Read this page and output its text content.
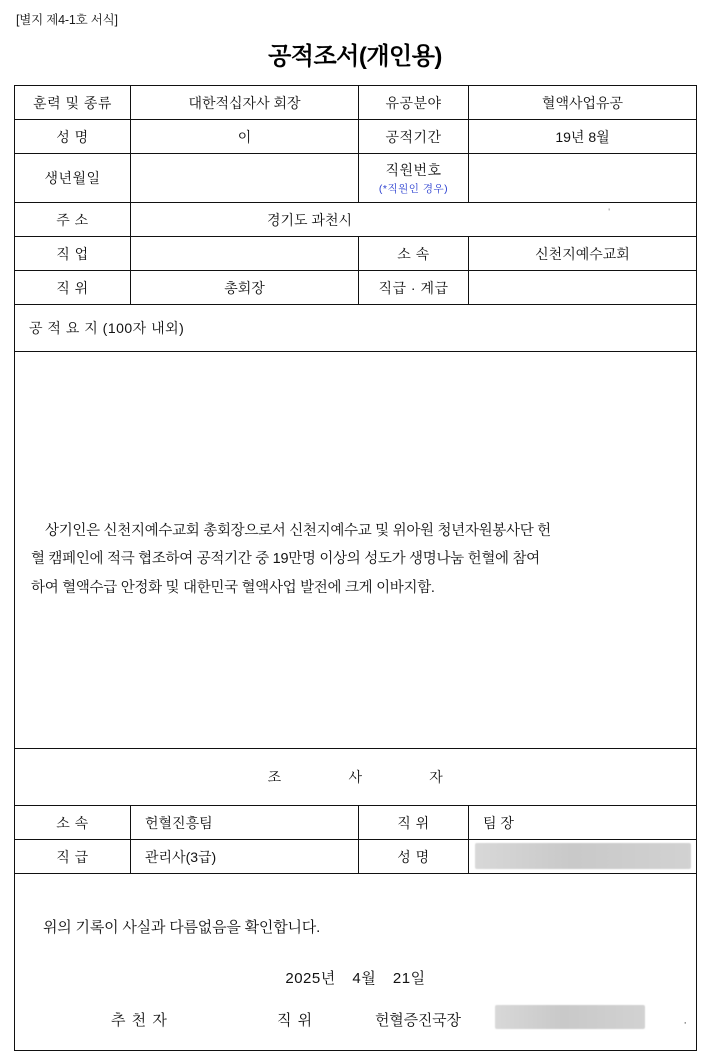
[별지 제4-1호 서식]
공적조서(개인용)
훈력 및 종류	대한적십자사 회장	유공분야	혈액사업유공
성 명	이	공적기간	19년 8월
생년월일		직원번호
(*직원인 경우)	

주 소	경기도 과천시 '		

직 업		소 속	신천지예수교회
직 위	총회장	직급 · 계급	
공 적 요 지 (100자 내외)			

상기인은 신천지예수교회 총회장으로서 신천지예수교 및 위아원 청년자원봉사단 헌
혈 캠페인에 적극 협조하여 공적기간 중 19만명 이상의 성도가 생명나눔 헌혈에 참여
하여 혈액수급 안정화 및 대한민국 혈액사업 발전에 크게 이바지함.			

조 사 자			
소 속	헌혈진흥팀	직 위	팀 장
직 급	관리사(3급)	성 명	

위의 기록이 사실과 다름없음을 확인합니다.
2025년 4월 21일
추 천 자	직 위	헌혈증진국장	·
